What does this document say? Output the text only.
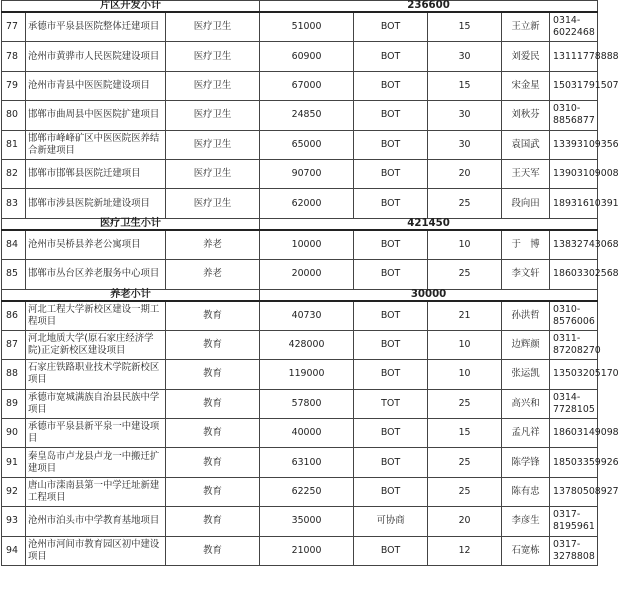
片区开发小计			236600				
77	承德市平泉县医院整体迁建项目	医疗卫生	51000	BOT	15	王立新	0314-6022468
78	沧州市黄骅市人民医院建设项目	医疗卫生	60900	BOT	30	刘爱民	13111778888
79	沧州市青县中医医院建设项目	医疗卫生	67000	BOT	15	宋金星	15031791507
80	邯郸市曲周县中医医院扩建项目	医疗卫生	24850	BOT	30	刘秋芬	0310-8856877
81	邯郸市峰峰矿区中医医院医养结合新建项目	医疗卫生	65000	BOT	30	袁国武	13393109356
82	邯郸市邯郸县医院迁建项目	医疗卫生	90700	BOT	20	王天军	13903109008
83	邯郸市涉县医院新址建设项目	医疗卫生	62000	BOT	25	段向田	18931610391
医疗卫生小计			421450				
84	沧州市吴桥县养老公寓项目	养老	10000	BOT	10	于　博	13832743068
85	邯郸市丛台区养老服务中心项目	养老	20000	BOT	25	李文轩	18603302568
养老小计			30000				
86	河北工程大学新校区建设一期工程项目	教育	40730	BOT	21	孙洪哲	0310-8576006
87	河北地质大学(原石家庄经济学院)正定新校区建设项目	教育	428000	BOT	10	边辉颜	0311-87208270
88	石家庄铁路职业技术学院新校区项目	教育	119000	BOT	10	张运凯	13503205170
89	承德市宽城满族自治县民族中学项目	教育	57800	TOT	25	高兴和	0314-7728105
90	承德市平泉县新平泉一中建设项目	教育	40000	BOT	15	孟凡祥	18603149098
91	秦皇岛市卢龙县卢龙一中搬迁扩建项目	教育	63100	BOT	25	陈学锋	18503359926
92	唐山市滦南县第一中学迁址新建工程项目	教育	62250	BOT	25	陈有忠	13780508927
93	沧州市泊头市中学教育基地项目	教育	35000	可协商	20	李彦生	0317-8195961
94	沧州市河间市教育园区初中建设项目	教育	21000	BOT	12	石宽栋	0317-3278808
